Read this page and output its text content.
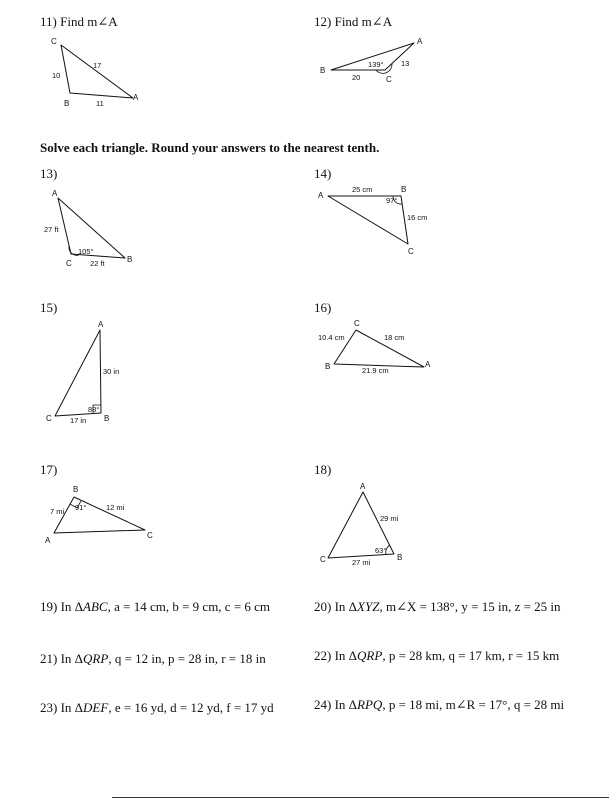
11) Find m∠A
C
B
A
10
17
11
12) Find m∠A
A
B
C
139°
20
13
Solve each triangle. Round your answers to the nearest tenth.
13)
A
C	B
27 ft
105°
22 ft
14)
A
B
C
25 cm
97°
16 cm
15)
A
C	B
30 in
88°
17 in
16)
C
B	A
10.4 cm	18 cm
21.9 cm
17)
B
A
C
7 mi 91°	12 mi
18)
A
C	B
29 mi
63°
27 mi
19) In ΔABC, a = 14 cm, b = 9 cm, c = 6 cm	20) In ΔXYZ, m∠X = 138°, y = 15 in, z = 25 in
21) In ΔQRP, q = 12 in, p = 28 in, r = 18 in	22) In ΔQRP, p = 28 km, q = 17 km, r = 15 km
23) In ΔDEF, e = 16 yd, d = 12 yd, f = 17 yd	24) In ΔRPQ, p = 18 mi, m∠R = 17°, q = 28 mi
